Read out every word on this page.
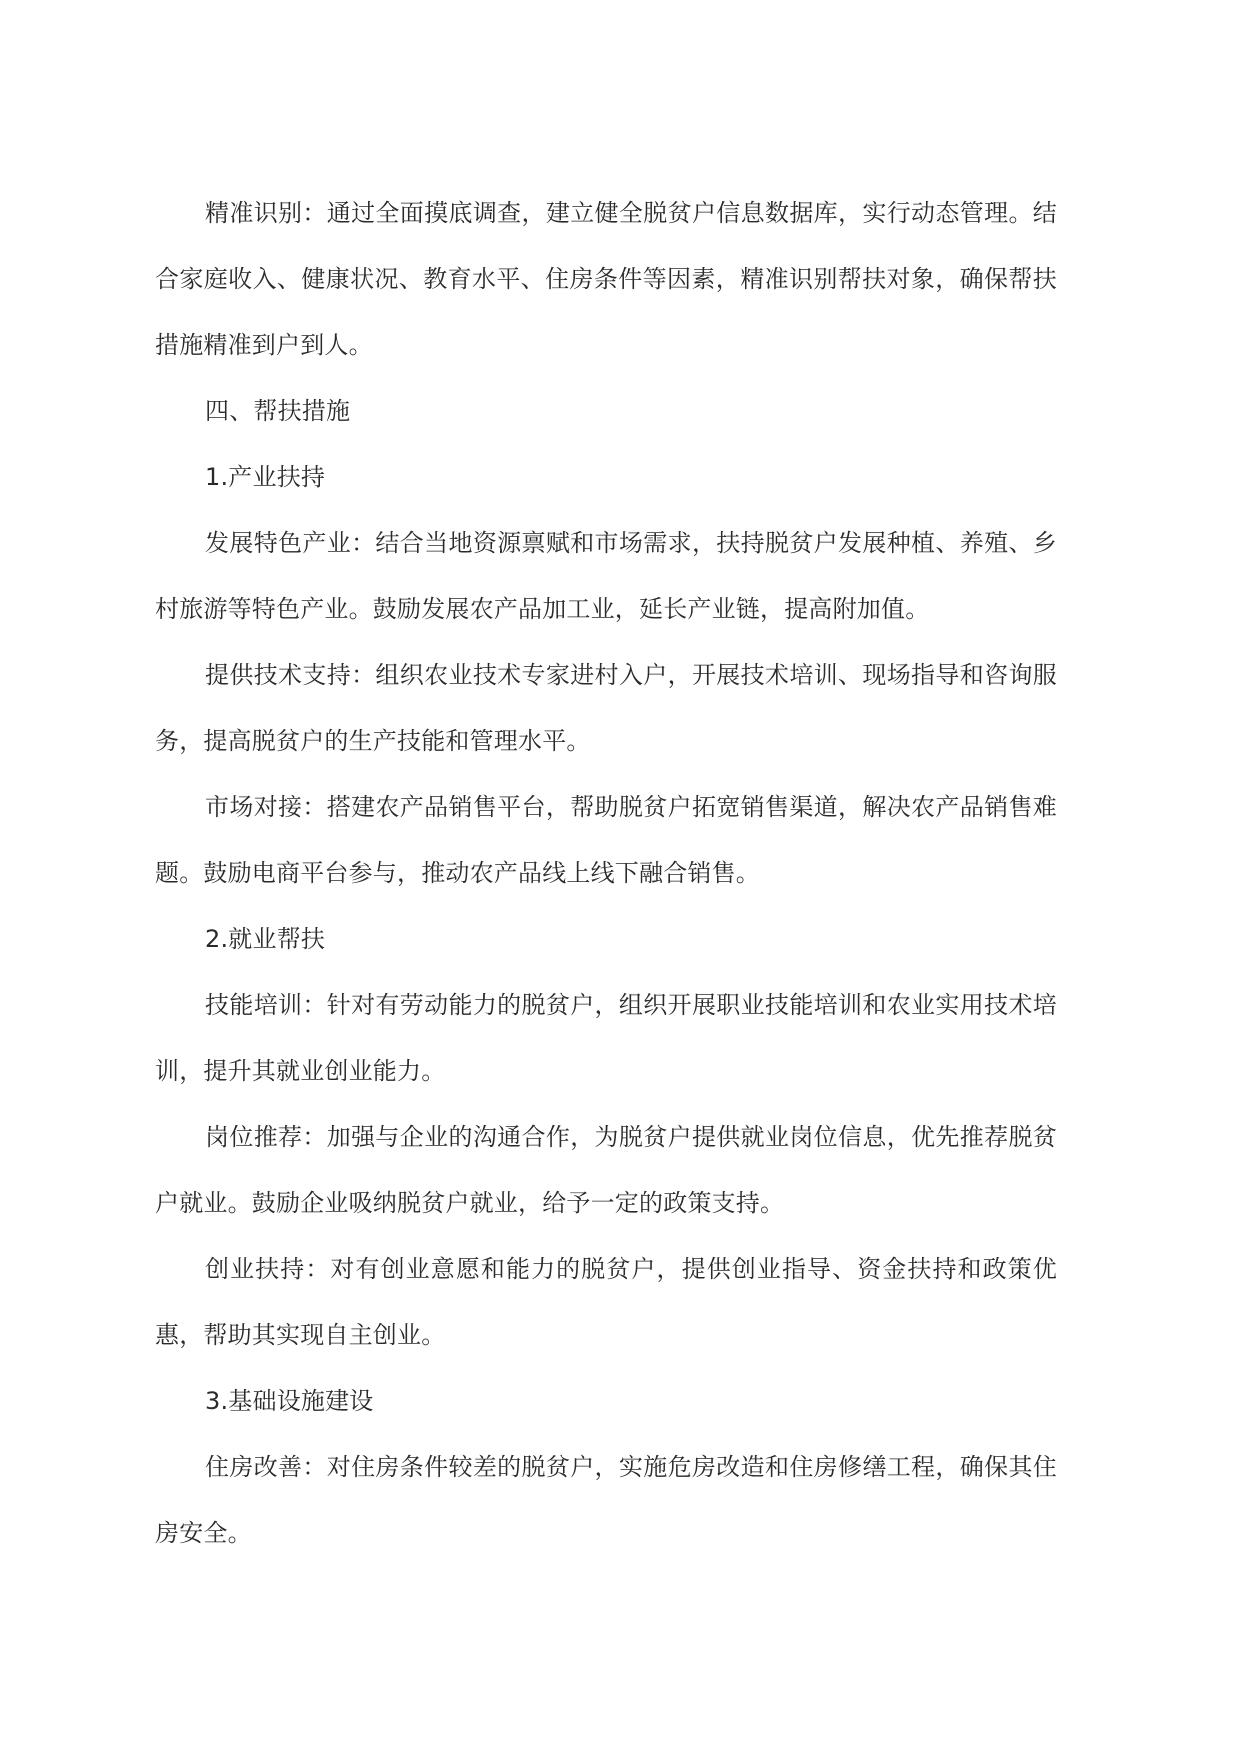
精准识别：通过全面摸底调查，建立健全脱贫户信息数据库，实行动态管理。结合家庭收入、健康状况、教育水平、住房条件等因素，精准识别帮扶对象，确保帮扶措施精准到户到人。

四、帮扶措施

1.产业扶持

发展特色产业：结合当地资源禀赋和市场需求，扶持脱贫户发展种植、养殖、乡村旅游等特色产业。鼓励发展农产品加工业，延长产业链，提高附加值。

提供技术支持：组织农业技术专家进村入户，开展技术培训、现场指导和咨询服务，提高脱贫户的生产技能和管理水平。

市场对接：搭建农产品销售平台，帮助脱贫户拓宽销售渠道，解决农产品销售难题。鼓励电商平台参与，推动农产品线上线下融合销售。

2.就业帮扶

技能培训：针对有劳动能力的脱贫户，组织开展职业技能培训和农业实用技术培训，提升其就业创业能力。

岗位推荐：加强与企业的沟通合作，为脱贫户提供就业岗位信息，优先推荐脱贫户就业。鼓励企业吸纳脱贫户就业，给予一定的政策支持。

创业扶持：对有创业意愿和能力的脱贫户，提供创业指导、资金扶持和政策优惠，帮助其实现自主创业。

3.基础设施建设

住房改善：对住房条件较差的脱贫户，实施危房改造和住房修缮工程，确保其住房安全。
